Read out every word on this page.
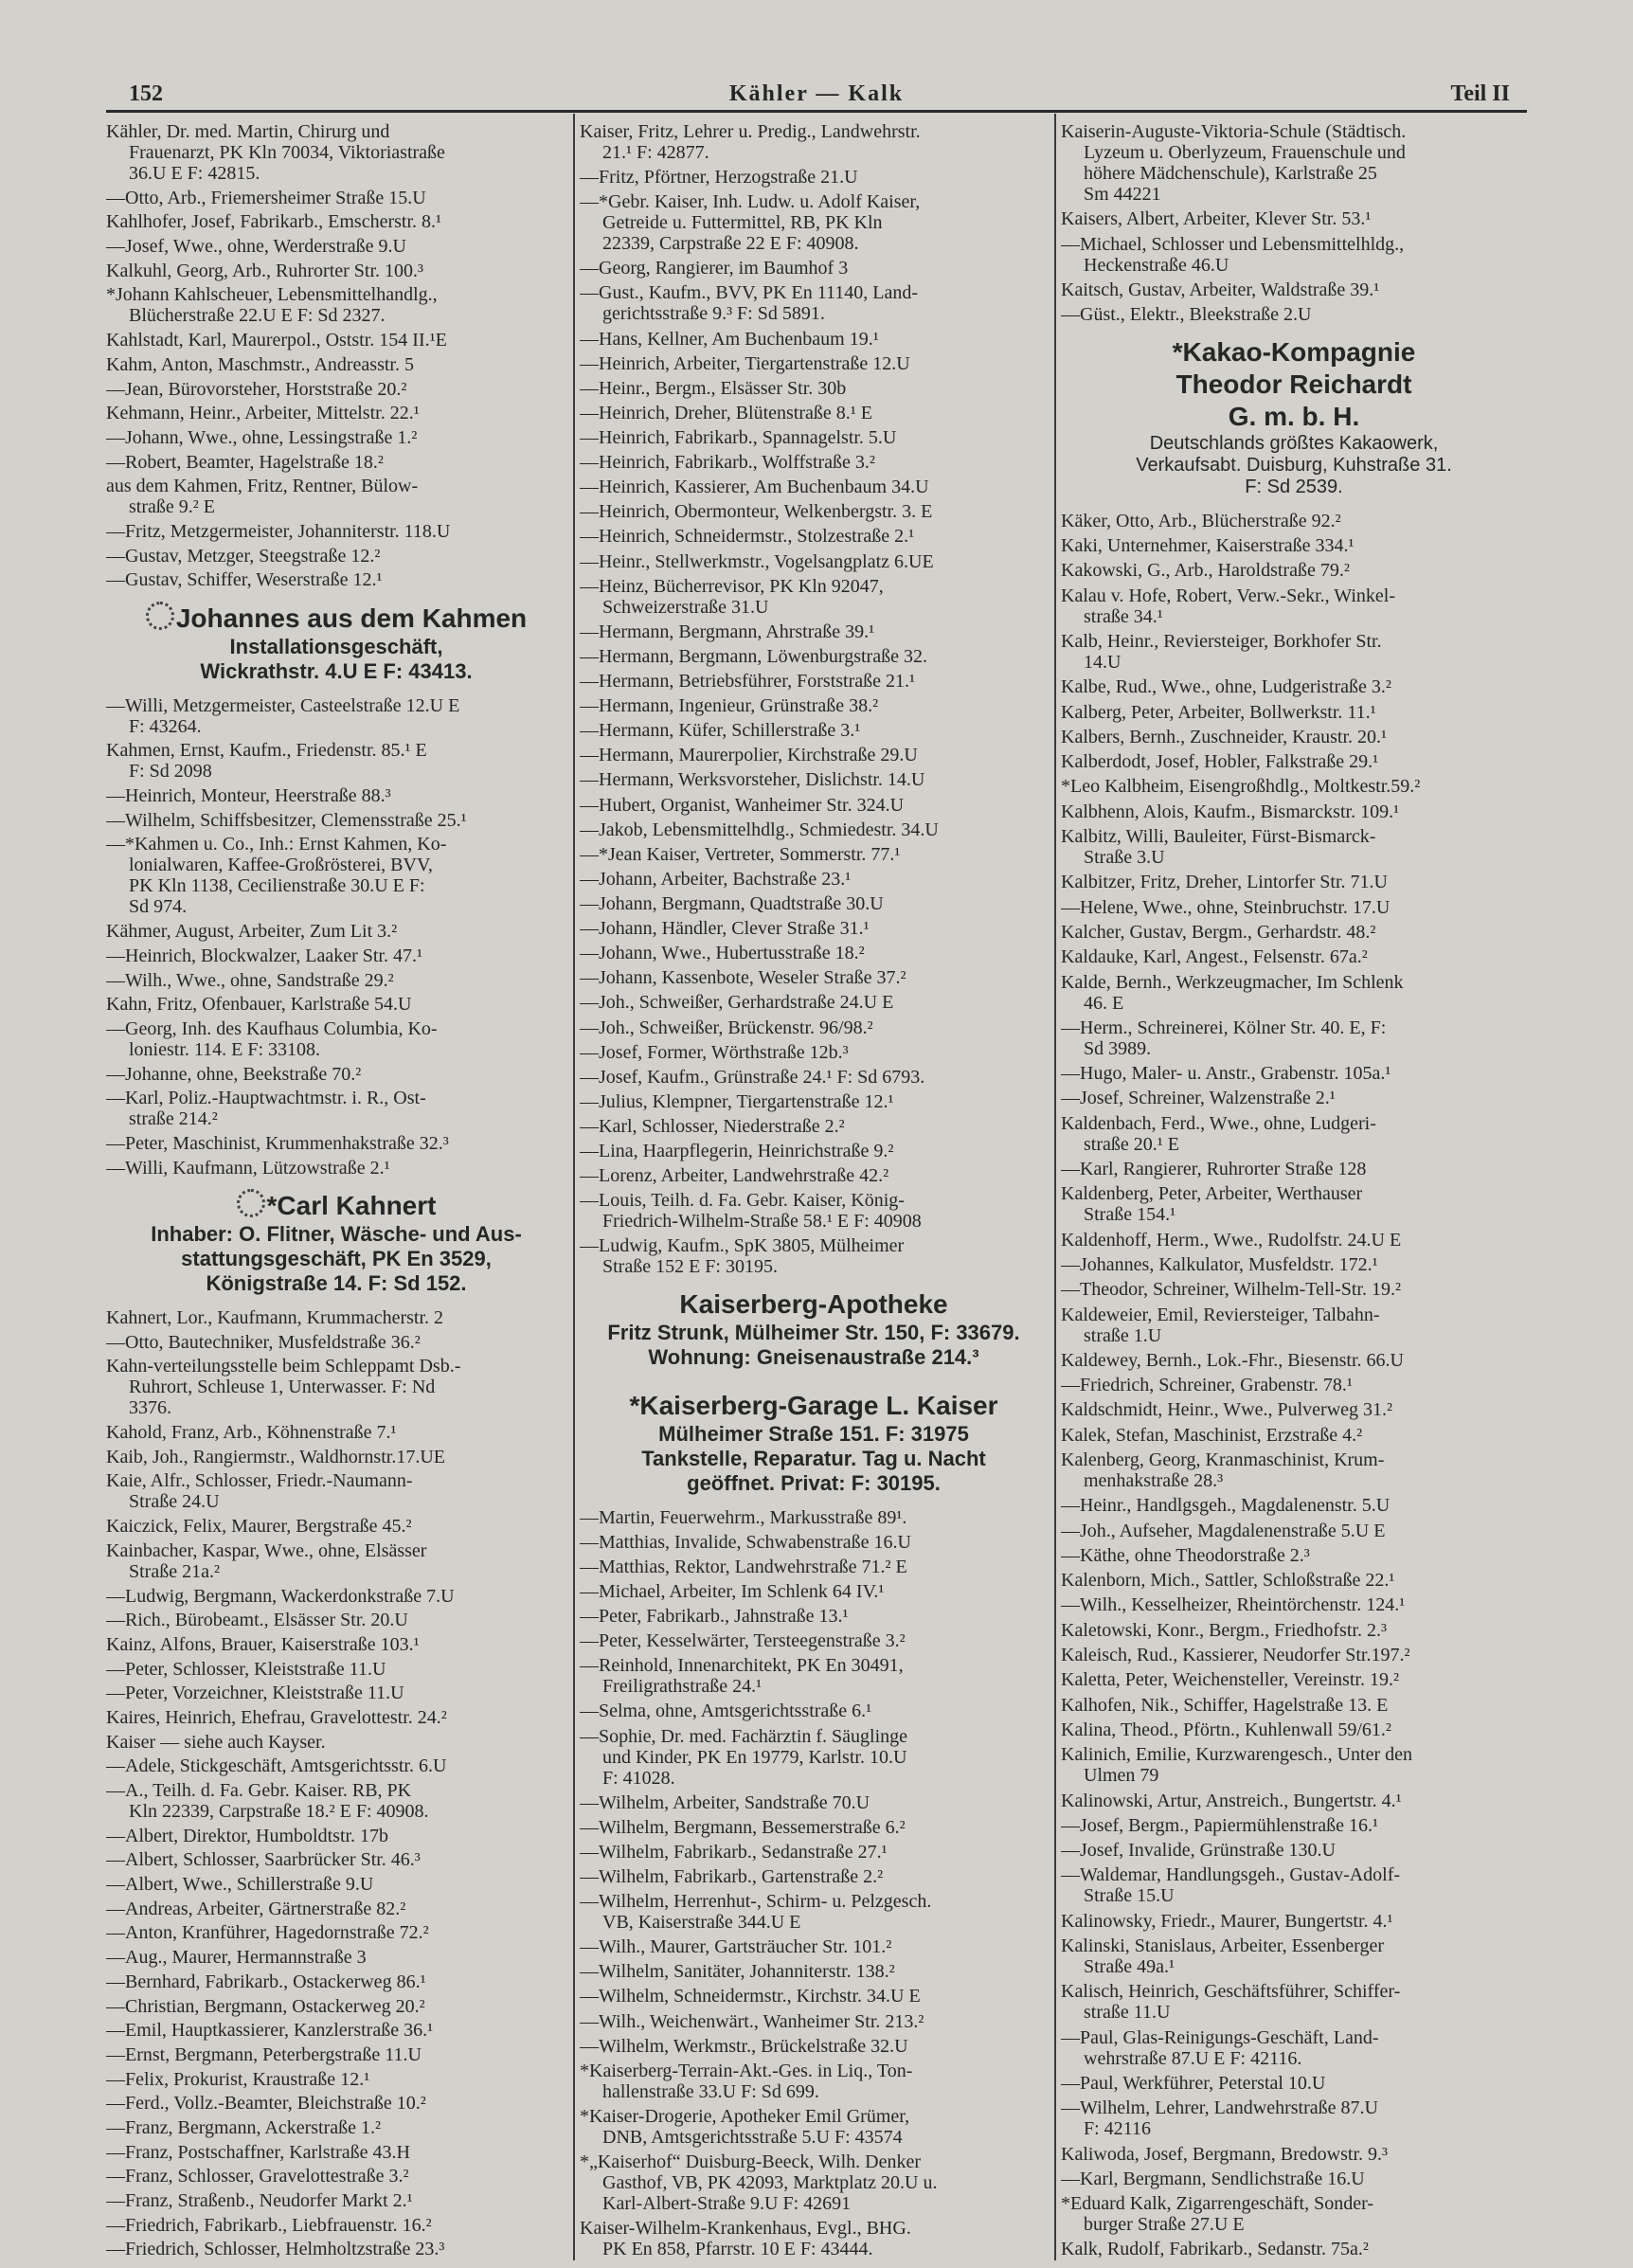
Kähler — Kalk
152	Teil II
Kähler, Dr. med. Martin, Chirurg und
Frauenarzt, PK Kln 70034, Viktoriastraße
36.U E F: 42815.
—Otto, Arb., Friemersheimer Straße 15.U
Kahlhofer, Josef, Fabrikarb., Emscherstr. 8.¹
—Josef, Wwe., ohne, Werderstraße 9.U
Kalkuhl, Georg, Arb., Ruhrorter Str. 100.³
*Johann Kahlscheuer, Lebensmittelhandlg.,
Blücherstraße 22.U E F: Sd 2327.
Kahlstadt, Karl, Maurerpol., Oststr. 154 II.¹E
Kahm, Anton, Maschmstr., Andreasstr. 5
—Jean, Bürovorsteher, Horststraße 20.²
Kehmann, Heinr., Arbeiter, Mittelstr. 22.¹
—Johann, Wwe., ohne, Lessingstraße 1.²
—Robert, Beamter, Hagelstraße 18.²
aus dem Kahmen, Fritz, Rentner, Bülow-
straße 9.² E
—Fritz, Metzgermeister, Johanniterstr. 118.U
—Gustav, Metzger, Steegstraße 12.²
—Gustav, Schiffer, Weserstraße 12.¹
Johannes aus dem Kahmen
Installationsgeschäft,
Wickrathstr. 4.U E F: 43413.
—Willi, Metzgermeister, Casteelstraße 12.U E
F: 43264.
Kahmen, Ernst, Kaufm., Friedenstr. 85.¹ E
F: Sd 2098
—Heinrich, Monteur, Heerstraße 88.³
—Wilhelm, Schiffsbesitzer, Clemensstraße 25.¹
—*Kahmen u. Co., Inh.: Ernst Kahmen, Ko-
lonialwaren, Kaffee-Großrösterei, BVV,
PK Kln 1138, Cecilienstraße 30.U E F:
Sd 974.
Kähmer, August, Arbeiter, Zum Lit 3.²
—Heinrich, Blockwalzer, Laaker Str. 47.¹
—Wilh., Wwe., ohne, Sandstraße 29.²
Kahn, Fritz, Ofenbauer, Karlstraße 54.U
—Georg, Inh. des Kaufhaus Columbia, Ko-
loniestr. 114. E F: 33108.
—Johanne, ohne, Beekstraße 70.²
—Karl, Poliz.-Hauptwachtmstr. i. R., Ost-
straße 214.²
—Peter, Maschinist, Krummenhakstraße 32.³
—Willi, Kaufmann, Lützowstraße 2.¹
*Carl Kahnert
Inhaber: O. Flitner, Wäsche- und Aus-
stattungsgeschäft, PK En 3529,
Königstraße 14. F: Sd 152.
Kahnert, Lor., Kaufmann, Krummacherstr. 2
—Otto, Bautechniker, Musfeldstraße 36.²
Kahn-verteilungsstelle beim Schleppamt Dsb.-
Ruhrort, Schleuse 1, Unterwasser. F: Nd
3376.
Kahold, Franz, Arb., Köhnenstraße 7.¹
Kaib, Joh., Rangiermstr., Waldhornstr.17.UE
Kaie, Alfr., Schlosser, Friedr.-Naumann-
Straße 24.U
Kaiczick, Felix, Maurer, Bergstraße 45.²
Kainbacher, Kaspar, Wwe., ohne, Elsässer
Straße 21a.²
—Ludwig, Bergmann, Wackerdonkstraße 7.U
—Rich., Bürobeamt., Elsässer Str. 20.U
Kainz, Alfons, Brauer, Kaiserstraße 103.¹
—Peter, Schlosser, Kleiststraße 11.U
—Peter, Vorzeichner, Kleiststraße 11.U
Kaires, Heinrich, Ehefrau, Gravelottestr. 24.²
Kaiser — siehe auch Kayser.
—Adele, Stickgeschäft, Amtsgerichtsstr. 6.U
—A., Teilh. d. Fa. Gebr. Kaiser. RB, PK
Kln 22339, Carpstraße 18.² E F: 40908.
—Albert, Direktor, Humboldtstr. 17b
—Albert, Schlosser, Saarbrücker Str. 46.³
—Albert, Wwe., Schillerstraße 9.U
—Andreas, Arbeiter, Gärtnerstraße 82.²
—Anton, Kranführer, Hagedornstraße 72.²
—Aug., Maurer, Hermannstraße 3
—Bernhard, Fabrikarb., Ostackerweg 86.¹
—Christian, Bergmann, Ostackerweg 20.²
—Emil, Hauptkassierer, Kanzlerstraße 36.¹
—Ernst, Bergmann, Peterbergstraße 11.U
—Felix, Prokurist, Kraustraße 12.¹
—Ferd., Vollz.-Beamter, Bleichstraße 10.²
—Franz, Bergmann, Ackerstraße 1.²
—Franz, Postschaffner, Karlstraße 43.H
—Franz, Schlosser, Gravelottestraße 3.²
—Franz, Straßenb., Neudorfer Markt 2.¹
—Friedrich, Fabrikarb., Liebfrauenstr. 16.²
—Friedrich, Schlosser, Helmholtzstraße 23.³
Kaiser, Fritz, Lehrer u. Predig., Landwehrstr.
21.¹ F: 42877.
—Fritz, Pförtner, Herzogstraße 21.U
—*Gebr. Kaiser, Inh. Ludw. u. Adolf Kaiser,
Getreide u. Futtermittel, RB, PK Kln
22339, Carpstraße 22 E F: 40908.
—Georg, Rangierer, im Baumhof 3
—Gust., Kaufm., BVV, PK En 11140, Land-
gerichtsstraße 9.³ F: Sd 5891.
—Hans, Kellner, Am Buchenbaum 19.¹
—Heinrich, Arbeiter, Tiergartenstraße 12.U
—Heinr., Bergm., Elsässer Str. 30b
—Heinrich, Dreher, Blütenstraße 8.¹ E
—Heinrich, Fabrikarb., Spannagelstr. 5.U
—Heinrich, Fabrikarb., Wolffstraße 3.²
—Heinrich, Kassierer, Am Buchenbaum 34.U
—Heinrich, Obermonteur, Welkenbergstr. 3. E
—Heinrich, Schneidermstr., Stolzestraße 2.¹
—Heinr., Stellwerkmstr., Vogelsangplatz 6.UE
—Heinz, Bücherrevisor, PK Kln 92047,
Schweizerstraße 31.U
—Hermann, Bergmann, Ahrstraße 39.¹
—Hermann, Bergmann, Löwenburgstraße 32.
—Hermann, Betriebsführer, Forststraße 21.¹
—Hermann, Ingenieur, Grünstraße 38.²
—Hermann, Küfer, Schillerstraße 3.¹
—Hermann, Maurerpolier, Kirchstraße 29.U
—Hermann, Werksvorsteher, Dislichstr. 14.U
—Hubert, Organist, Wanheimer Str. 324.U
—Jakob, Lebensmittelhdlg., Schmiedestr. 34.U
—*Jean Kaiser, Vertreter, Sommerstr. 77.¹
—Johann, Arbeiter, Bachstraße 23.¹
—Johann, Bergmann, Quadtstraße 30.U
—Johann, Händler, Clever Straße 31.¹
—Johann, Wwe., Hubertusstraße 18.²
—Johann, Kassenbote, Weseler Straße 37.²
—Joh., Schweißer, Gerhardstraße 24.U E
—Joh., Schweißer, Brückenstr. 96/98.²
—Josef, Former, Wörthstraße 12b.³
—Josef, Kaufm., Grünstraße 24.¹ F: Sd 6793.
—Julius, Klempner, Tiergartenstraße 12.¹
—Karl, Schlosser, Niederstraße 2.²
—Lina, Haarpflegerin, Heinrichstraße 9.²
—Lorenz, Arbeiter, Landwehrstraße 42.²
—Louis, Teilh. d. Fa. Gebr. Kaiser, König-
Friedrich-Wilhelm-Straße 58.¹ E F: 40908
—Ludwig, Kaufm., SpK 3805, Mülheimer
Straße 152 E F: 30195.
Kaiserberg-Apotheke
Fritz Strunk, Mülheimer Str. 150, F: 33679.
Wohnung: Gneisenaustraße 214.³
*Kaiserberg-Garage L. Kaiser
Mülheimer Straße 151. F: 31975
Tankstelle, Reparatur. Tag u. Nacht
geöffnet. Privat: F: 30195.
—Martin, Feuerwehrm., Markusstraße 89¹.
—Matthias, Invalide, Schwabenstraße 16.U
—Matthias, Rektor, Landwehrstraße 71.² E
—Michael, Arbeiter, Im Schlenk 64 IV.¹
—Peter, Fabrikarb., Jahnstraße 13.¹
—Peter, Kesselwärter, Tersteegenstraße 3.²
—Reinhold, Innenarchitekt, PK En 30491,
Freiligrathstraße 24.¹
—Selma, ohne, Amtsgerichtsstraße 6.¹
—Sophie, Dr. med. Fachärztin f. Säuglinge
und Kinder, PK En 19779, Karlstr. 10.U
F: 41028.
—Wilhelm, Arbeiter, Sandstraße 70.U
—Wilhelm, Bergmann, Bessemerstraße 6.²
—Wilhelm, Fabrikarb., Sedanstraße 27.¹
—Wilhelm, Fabrikarb., Gartenstraße 2.²
—Wilhelm, Herrenhut-, Schirm- u. Pelzgesch.
VB, Kaiserstraße 344.U E
—Wilh., Maurer, Gartsträucher Str. 101.²
—Wilhelm, Sanitäter, Johanniterstr. 138.²
—Wilhelm, Schneidermstr., Kirchstr. 34.U E
—Wilh., Weichenwärt., Wanheimer Str. 213.²
—Wilhelm, Werkmstr., Brückelstraße 32.U
*Kaiserberg-Terrain-Akt.-Ges. in Liq., Ton-
hallenstraße 33.U F: Sd 699.
*Kaiser-Drogerie, Apotheker Emil Grümer,
DNB, Amtsgerichtsstraße 5.U F: 43574
*„Kaiserhof“ Duisburg-Beeck, Wilh. Denker
Gasthof, VB, PK 42093, Marktplatz 20.U u.
Karl-Albert-Straße 9.U F: 42691
Kaiser-Wilhelm-Krankenhaus, Evgl., BHG.
PK En 858, Pfarrstr. 10 E F: 43444.
Kaiserin-Auguste-Viktoria-Schule (Städtisch.
Lyzeum u. Oberlyzeum, Frauenschule und
höhere Mädchenschule), Karlstraße 25
Sm 44221
Kaisers, Albert, Arbeiter, Klever Str. 53.¹
—Michael, Schlosser und Lebensmittelhldg.,
Heckenstraße 46.U
Kaitsch, Gustav, Arbeiter, Waldstraße 39.¹
—Güst., Elektr., Bleekstraße 2.U
*Kakao-Kompagnie
Theodor Reichardt
G. m. b. H.
Deutschlands größtes Kakaowerk,
Verkaufsabt. Duisburg, Kuhstraße 31.
F: Sd 2539.
Käker, Otto, Arb., Blücherstraße 92.²
Kaki, Unternehmer, Kaiserstraße 334.¹
Kakowski, G., Arb., Haroldstraße 79.²
Kalau v. Hofe, Robert, Verw.-Sekr., Winkel-
straße 34.¹
Kalb, Heinr., Reviersteiger, Borkhofer Str.
14.U
Kalbe, Rud., Wwe., ohne, Ludgeristraße 3.²
Kalberg, Peter, Arbeiter, Bollwerkstr. 11.¹
Kalbers, Bernh., Zuschneider, Kraustr. 20.¹
Kalberdodt, Josef, Hobler, Falkstraße 29.¹
*Leo Kalbheim, Eisengroßhdlg., Moltkestr.59.²
Kalbhenn, Alois, Kaufm., Bismarckstr. 109.¹
Kalbitz, Willi, Bauleiter, Fürst-Bismarck-
Straße 3.U
Kalbitzer, Fritz, Dreher, Lintorfer Str. 71.U
—Helene, Wwe., ohne, Steinbruchstr. 17.U
Kalcher, Gustav, Bergm., Gerhardstr. 48.²
Kaldauke, Karl, Angest., Felsenstr. 67a.²
Kalde, Bernh., Werkzeugmacher, Im Schlenk
46. E
—Herm., Schreinerei, Kölner Str. 40. E, F:
Sd 3989.
—Hugo, Maler- u. Anstr., Grabenstr. 105a.¹
—Josef, Schreiner, Walzenstraße 2.¹
Kaldenbach, Ferd., Wwe., ohne, Ludgeri-
straße 20.¹ E
—Karl, Rangierer, Ruhrorter Straße 128
Kaldenberg, Peter, Arbeiter, Werthauser
Straße 154.¹
Kaldenhoff, Herm., Wwe., Rudolfstr. 24.U E
—Johannes, Kalkulator, Musfeldstr. 172.¹
—Theodor, Schreiner, Wilhelm-Tell-Str. 19.²
Kaldeweier, Emil, Reviersteiger, Talbahn-
straße 1.U
Kaldewey, Bernh., Lok.-Fhr., Biesenstr. 66.U
—Friedrich, Schreiner, Grabenstr. 78.¹
Kaldschmidt, Heinr., Wwe., Pulverweg 31.²
Kalek, Stefan, Maschinist, Erzstraße 4.²
Kalenberg, Georg, Kranmaschinist, Krum-
menhakstraße 28.³
—Heinr., Handlgsgeh., Magdalenenstr. 5.U
—Joh., Aufseher, Magdalenenstraße 5.U E
—Käthe, ohne Theodorstraße 2.³
Kalenborn, Mich., Sattler, Schloßstraße 22.¹
—Wilh., Kesselheizer, Rheintörchenstr. 124.¹
Kaletowski, Konr., Bergm., Friedhofstr. 2.³
Kaleisch, Rud., Kassierer, Neudorfer Str.197.²
Kaletta, Peter, Weichensteller, Vereinstr. 19.²
Kalhofen, Nik., Schiffer, Hagelstraße 13. E
Kalina, Theod., Pförtn., Kuhlenwall 59/61.²
Kalinich, Emilie, Kurzwarengesch., Unter den
Ulmen 79
Kalinowski, Artur, Anstreich., Bungertstr. 4.¹
—Josef, Bergm., Papiermühlenstraße 16.¹
—Josef, Invalide, Grünstraße 130.U
—Waldemar, Handlungsgeh., Gustav-Adolf-
Straße 15.U
Kalinowsky, Friedr., Maurer, Bungertstr. 4.¹
Kalinski, Stanislaus, Arbeiter, Essenberger
Straße 49a.¹
Kalisch, Heinrich, Geschäftsführer, Schiffer-
straße 11.U
—Paul, Glas-Reinigungs-Geschäft, Land-
wehrstraße 87.U E F: 42116.
—Paul, Werkführer, Peterstal 10.U
—Wilhelm, Lehrer, Landwehrstraße 87.U
F: 42116
Kaliwoda, Josef, Bergmann, Bredowstr. 9.³
—Karl, Bergmann, Sendlichstraße 16.U
*Eduard Kalk, Zigarrengeschäft, Sonder-
burger Straße 27.U E
Kalk, Rudolf, Fabrikarb., Sedanstr. 75a.²
